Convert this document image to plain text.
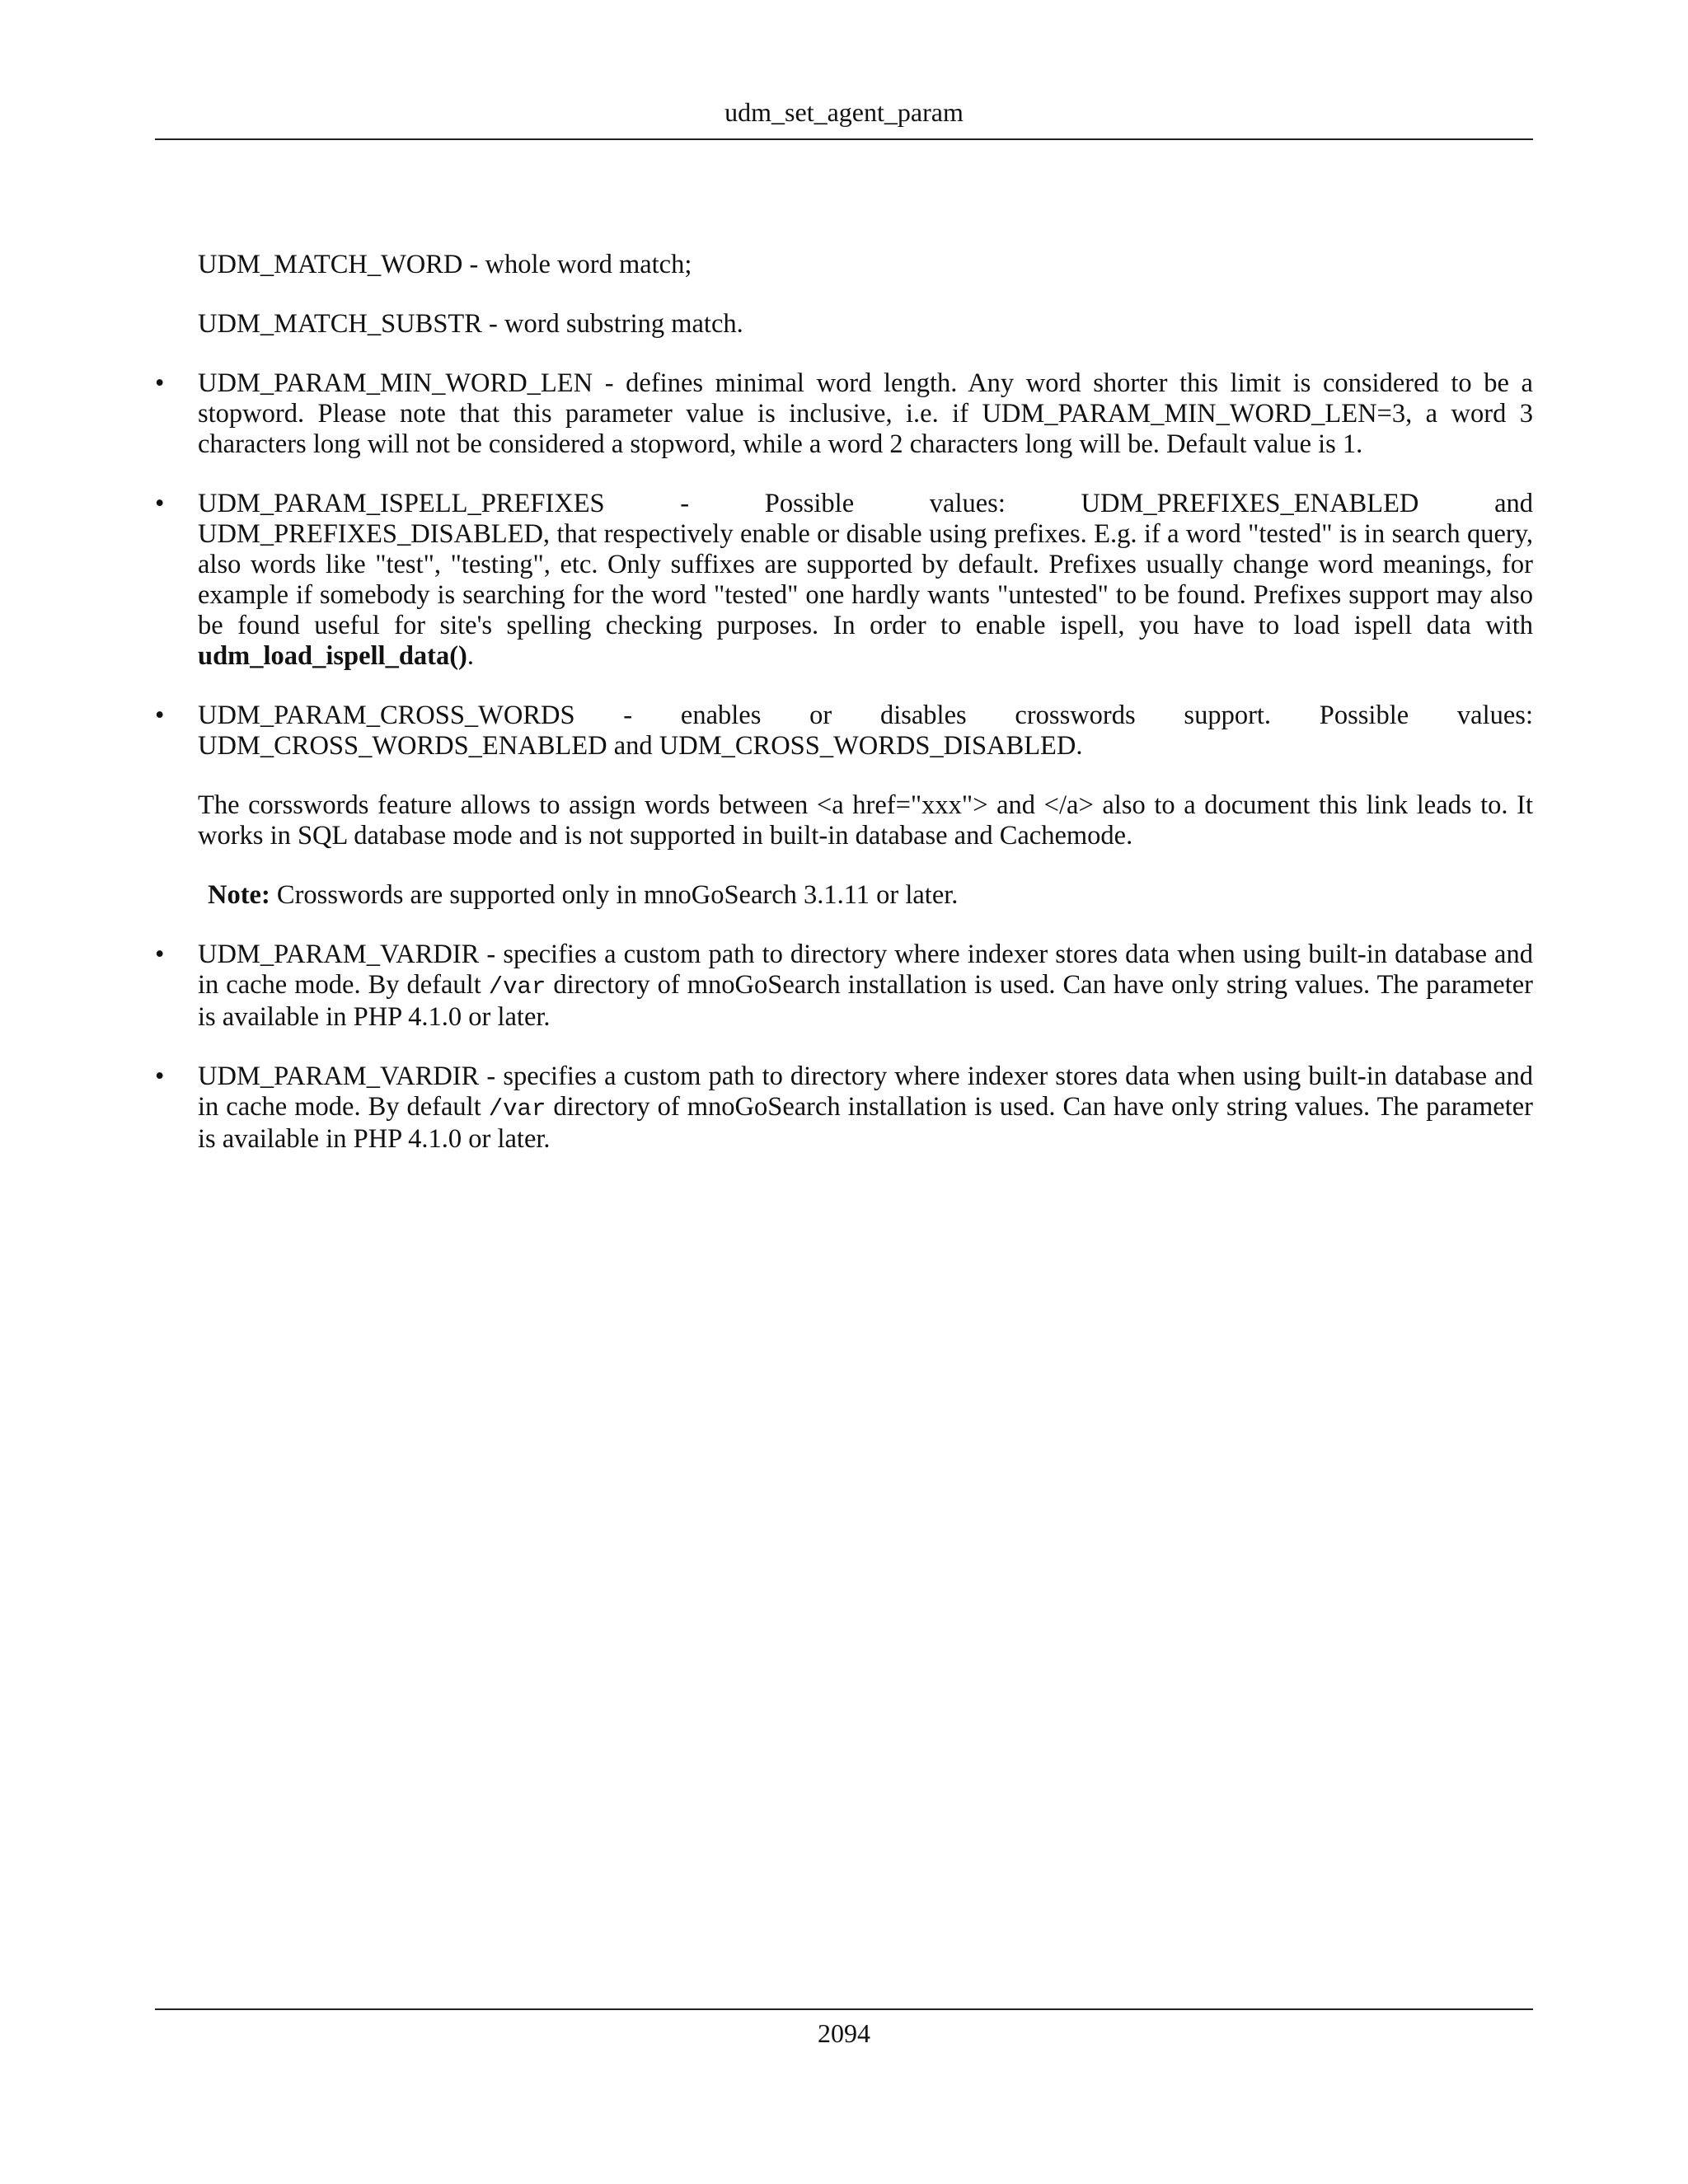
udm_set_agent_param

UDM_MATCH_WORD - whole word match;

UDM_MATCH_SUBSTR - word substring match.

• UDM_PARAM_MIN_WORD_LEN - defines minimal word length. Any word shorter this limit is considered to be a stopword. Please note that this parameter value is inclusive, i.e. if UDM_PARAM_MIN_WORD_LEN=3, a word 3 characters long will not be considered a stopword, while a word 2 characters long will be. Default value is 1.
• UDM_PARAM_ISPELL_PREFIXES - Possible values: UDM_PREFIXES_ENABLED and UDM_PREFIXES_DISABLED, that respectively enable or disable using prefixes. E.g. if a word "tested" is in search query, also words like "test", "testing", etc. Only suffixes are supported by default. Prefixes usually change word meanings, for example if somebody is searching for the word "tested" one hardly wants "untested" to be found. Prefixes support may also be found useful for site's spelling checking purposes. In order to enable ispell, you have to load ispell data with udm_load_ispell_data().
• UDM_PARAM_CROSS_WORDS - enables or disables crosswords support. Possible values: UDM_CROSS_WORDS_ENABLED and UDM_CROSS_WORDS_DISABLED.

The corsswords feature allows to assign words between <a href="xxx"> and </a> also to a document this link leads to. It works in SQL database mode and is not supported in built-in database and Cachemode.

Note: Crosswords are supported only in mnoGoSearch 3.1.11 or later.

• UDM_PARAM_VARDIR - specifies a custom path to directory where indexer stores data when using built-in database and in cache mode. By default /var directory of mnoGoSearch installation is used. Can have only string values. The parameter is available in PHP 4.1.0 or later.
• UDM_PARAM_VARDIR - specifies a custom path to directory where indexer stores data when using built-in database and in cache mode. By default /var directory of mnoGoSearch installation is used. Can have only string values. The parameter is available in PHP 4.1.0 or later.
2094
